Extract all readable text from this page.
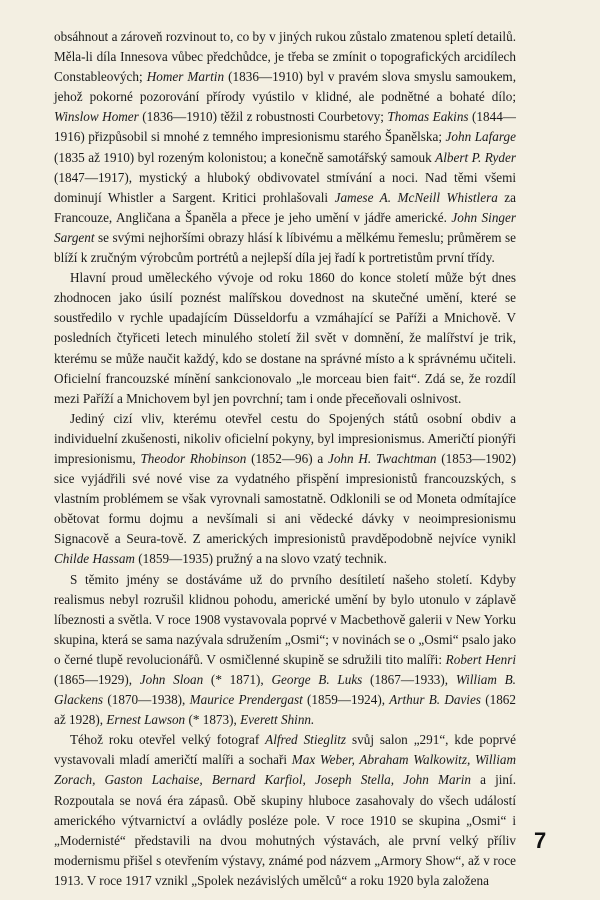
obsáhnout a zároveň rozvinout to, co by v jiných rukou zůstalo zmatenou spletí detailů. Měla-li díla Innesova vůbec předchůdce, je třeba se zmínit o topografických arcidílech Constableových; Homer Martin (1836—1910) byl v pravém slova smyslu samoukem, jehož pokorné pozorování přírody vyústilo v klidné, ale podnětné a bohaté dílo; Winslow Homer (1836—1910) těžil z robustnosti Courbetovy; Thomas Eakins (1844—1916) přizpůsobil si mnohé z temného impresionismu starého Španělska; John Lafarge (1835 až 1910) byl rozeným kolonistou; a konečně samotářský samouk Albert P. Ryder (1847—1917), mystický a hluboký obdivovatel stmívání a noci. Nad těmi všemi dominují Whistler a Sargent. Kritici prohlašovali Jamese A. McNeill Whistlera za Francouze, Angličana a Španěla a přece je jeho umění v jádře americké. John Singer Sargent se svými nejhoršími obrazy hlásí k líbivému a mělkému řemeslu; průměrem se blíží k zručným výrobcům portrétů a nejlepší díla jej řadí k portretistům první třídy.

Hlavní proud uměleckého vývoje od roku 1860 do konce století může být dnes zhodnocen jako úsilí poznést malířskou dovednost na skutečné umění, které se soustředilo v rychle upadajícím Düsseldorfu a vzmáhající se Paříži a Mnichově. V posledních čtyřiceti letech minulého století žil svět v domnění, že malířství je trik, kterému se může naučit každý, kdo se dostane na správné místo a k správnému učiteli. Oficielní francouzské mínění sankcionovalo „le morceau bien fait“. Zdá se, že rozdíl mezi Paříží a Mnichovem byl jen povrchní; tam i onde přeceňovali oslnivost.

Jediný cizí vliv, kterému otevřel cestu do Spojených států osobní obdiv a individuelní zkušenosti, nikoliv oficielní pokyny, byl impresionismus. Američtí pionýři impresionismu, Theodor Rhobinson (1852—96) a John H. Twachtman (1853—1902) sice vyjádřili své nové vise za vydatného přispění impresionistů francouzských, s vlastním problémem se však vyrovnali samostatně. Odklonili se od Moneta odmítajíce obětovat formu dojmu a nevšímali si ani vědecké dávky v neoimpresionismu Signacově a Seurа-tově. Z amerických impresionistů pravděpodobně nejvíce vynikl Childe Hassam (1859—1935) pružný a na slovo vzatý technik.

S těmito jmény se dostáváme už do prvního desítiletí našeho století. Kdyby realismus nebyl rozrušil klidnou pohodu, americké umění by bylo utonulo v záplavě líbeznosti a světla. V roce 1908 vystavovala poprvé v Macbethově galerii v New Yorku skupina, která se sama nazývala sdružením „Osmi“; v novinách se o „Osmi“ psalo jako o černé tlupě revolucionářů. V osmičlenné skupině se sdružili tito malíři: Robert Henri (1865—1929), John Sloan (* 1871), George B. Luks (1867—1933), William B. Glackens (1870—1938), Maurice Prendergast (1859—1924), Arthur B. Davies (1862 až 1928), Ernest Lawson (* 1873), Everett Shinn.

Téhož roku otevřel velký fotograf Alfred Stieglitz svůj salon „291“, kde poprvé vystavovali mladí američtí malíři a sochaři Max Weber, Abraham Walkowitz, William Zorach, Gaston Lachaise, Bernard Karfiol, Joseph Stella, John Marin a jiní. Rozpoutala se nová éra zápasů. Obě skupiny hluboce zasahovaly do všech událostí amerického výtvarnictví a ovládly posléze pole. V roce 1910 se skupina „Osmi“ i „Modernisté“ představili na dvou mohutných výstavách, ale první velký příliv modernismu přišel s otevřením výstavy, známé pod názvem „Armory Show“, až v roce 1913. V roce 1917 vznikl „Spolek nezávislých umělců“ a roku 1920 byla založena

7
